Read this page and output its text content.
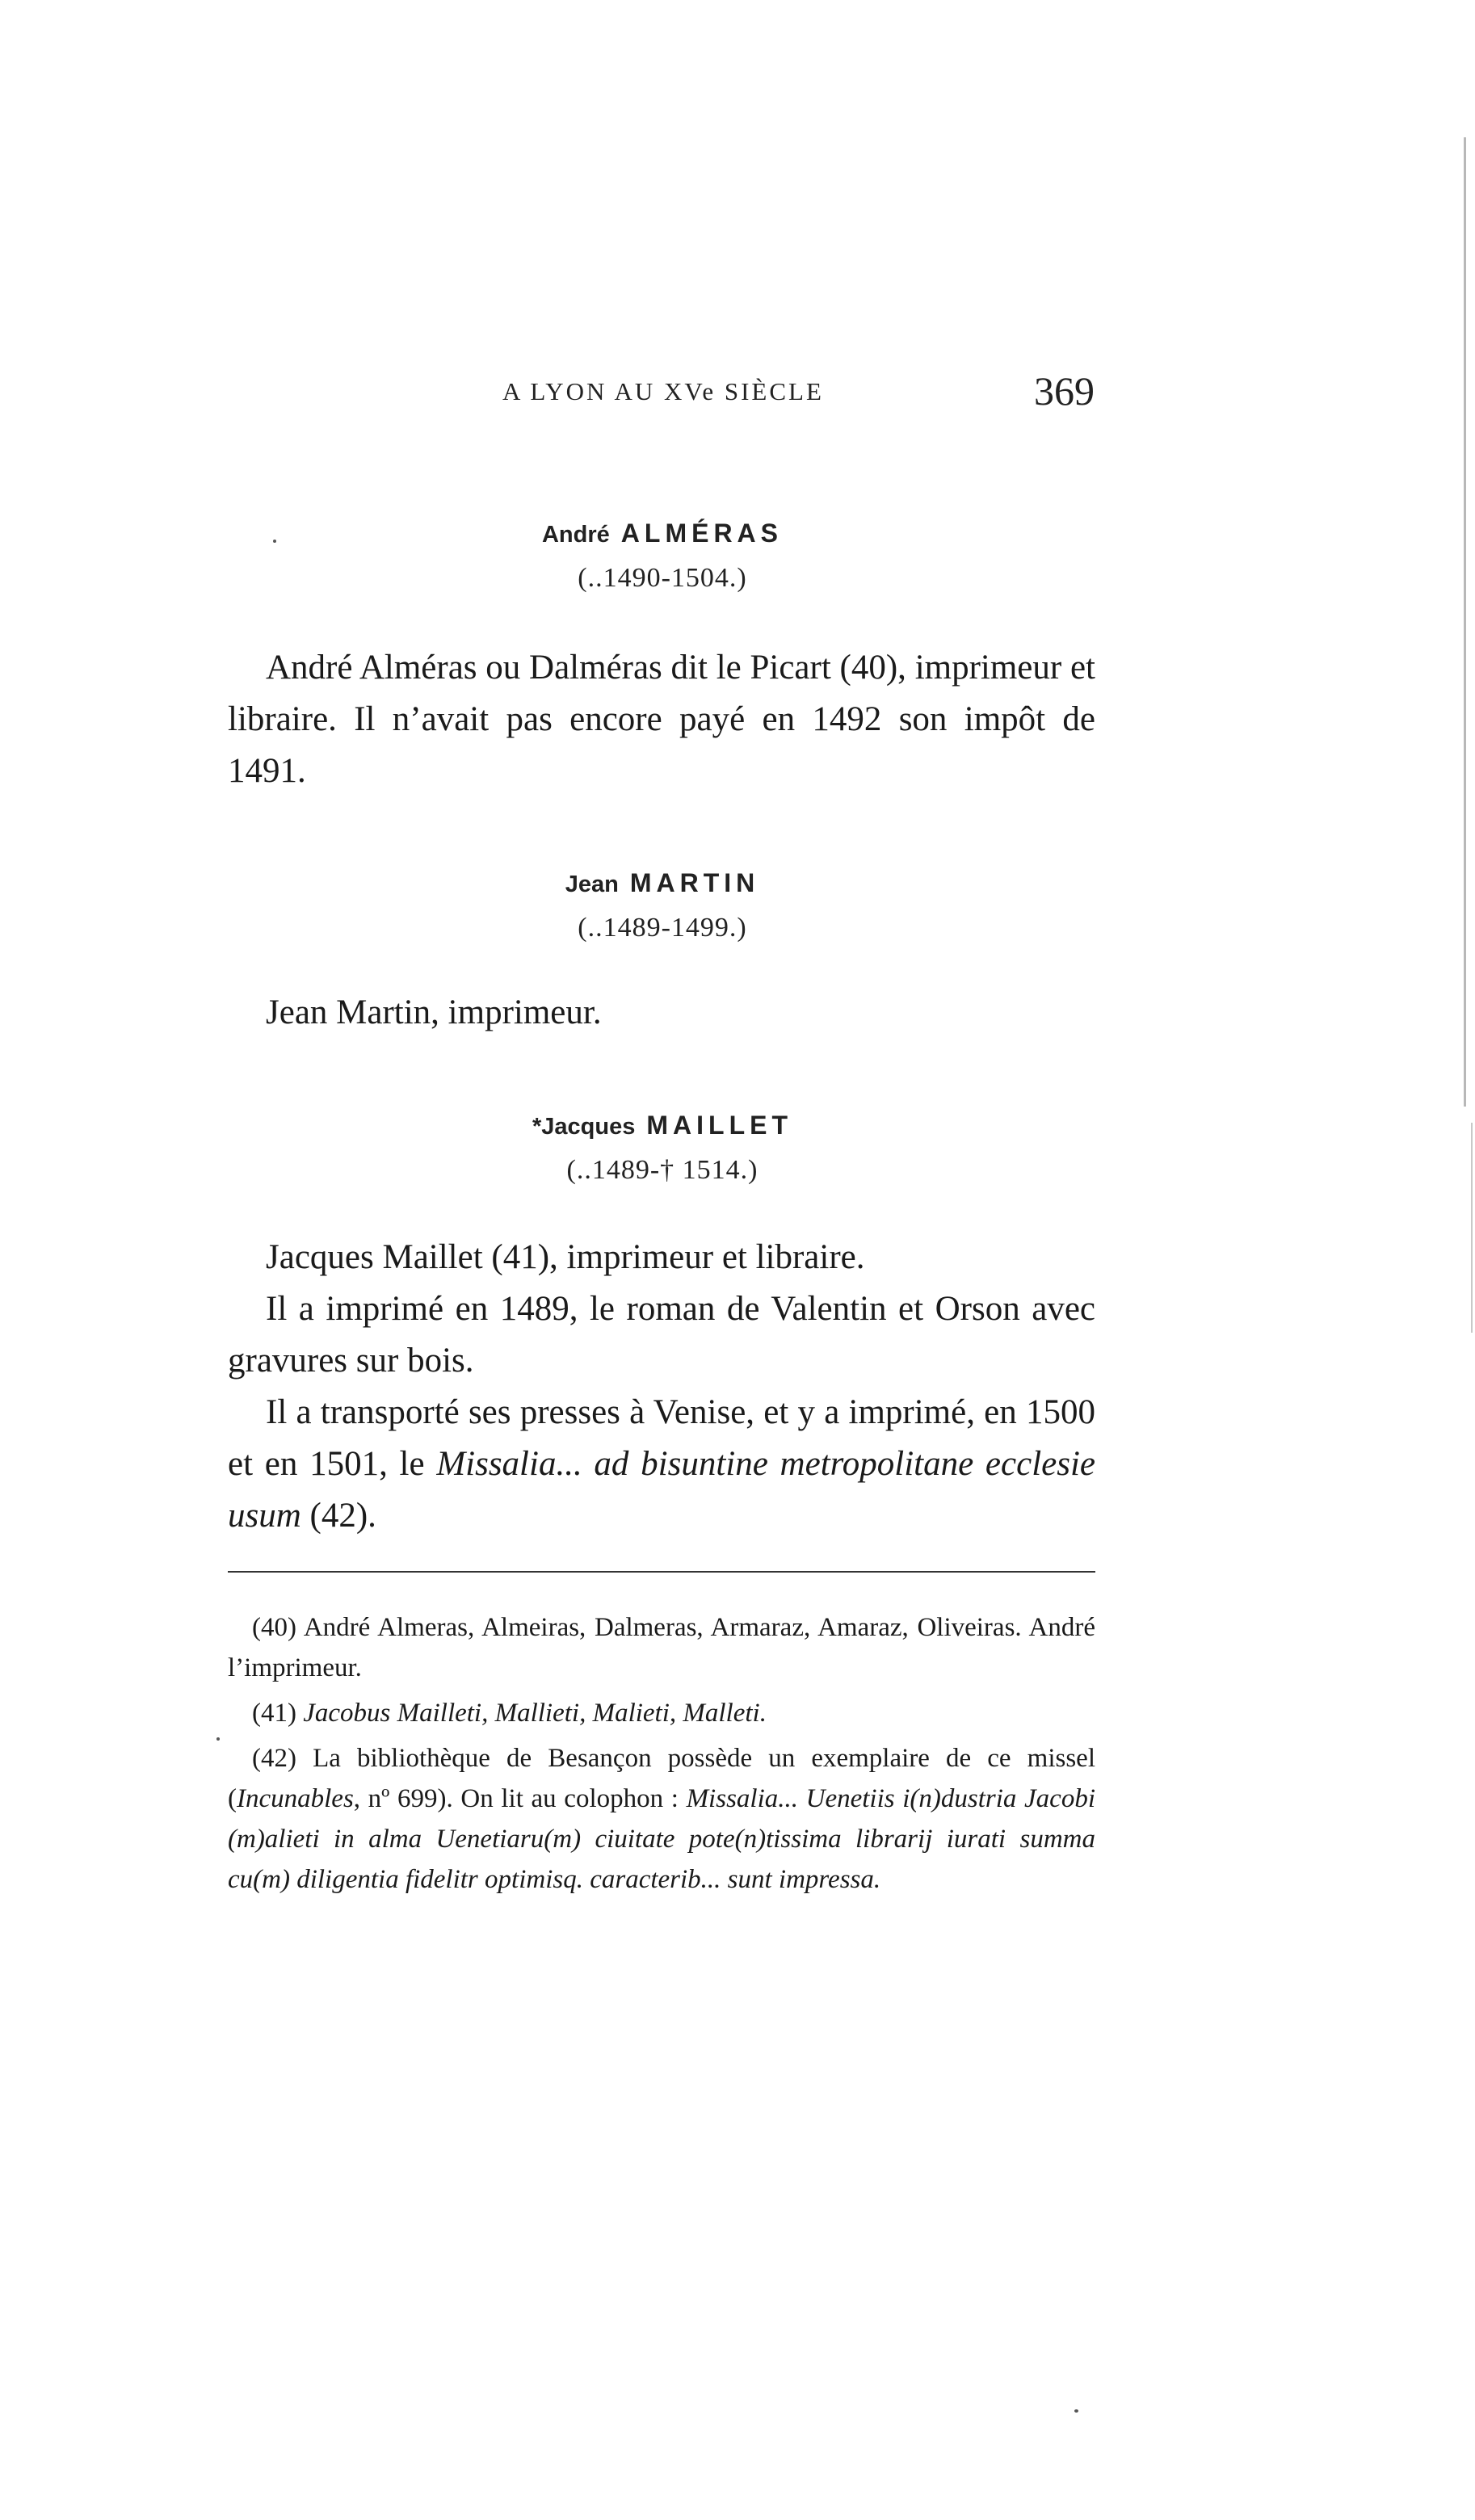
A LYON AU XVe SIÈCLE	369
André ALMÉRAS
(..1490-1504.)

André Alméras ou Dalméras dit le Picart (40), imprimeur et libraire. Il n’avait pas encore payé en 1492 son impôt de 1491.

Jean MARTIN
(..1489-1499.)

Jean Martin, imprimeur.

*Jacques MAILLET
(..1489-† 1514.)

Jacques Maillet (41), imprimeur et libraire.

Il a imprimé en 1489, le roman de Valentin et Orson avec gravures sur bois.

Il a transporté ses presses à Venise, et y a imprimé, en 1500 et en 1501, le Missalia... ad bisuntine metropolitane ecclesie usum (42).

(40) André Almeras, Almeiras, Dalmeras, Armaraz, Amaraz, Oliveiras. André l’imprimeur.

(41) Jacobus Mailleti, Mallieti, Malieti, Malleti.

(42) La bibliothèque de Besançon possède un exemplaire de ce missel (Incunables, nº 699). On lit au colophon : Missalia... Uenetiis i(n)dustria Jacobi (m)alieti in alma Uenetiaru(m) ciuitate pote(n)tissima librarij iurati summa cu(m) diligentia fidelitr optimisq. caracterib... sunt impressa.
